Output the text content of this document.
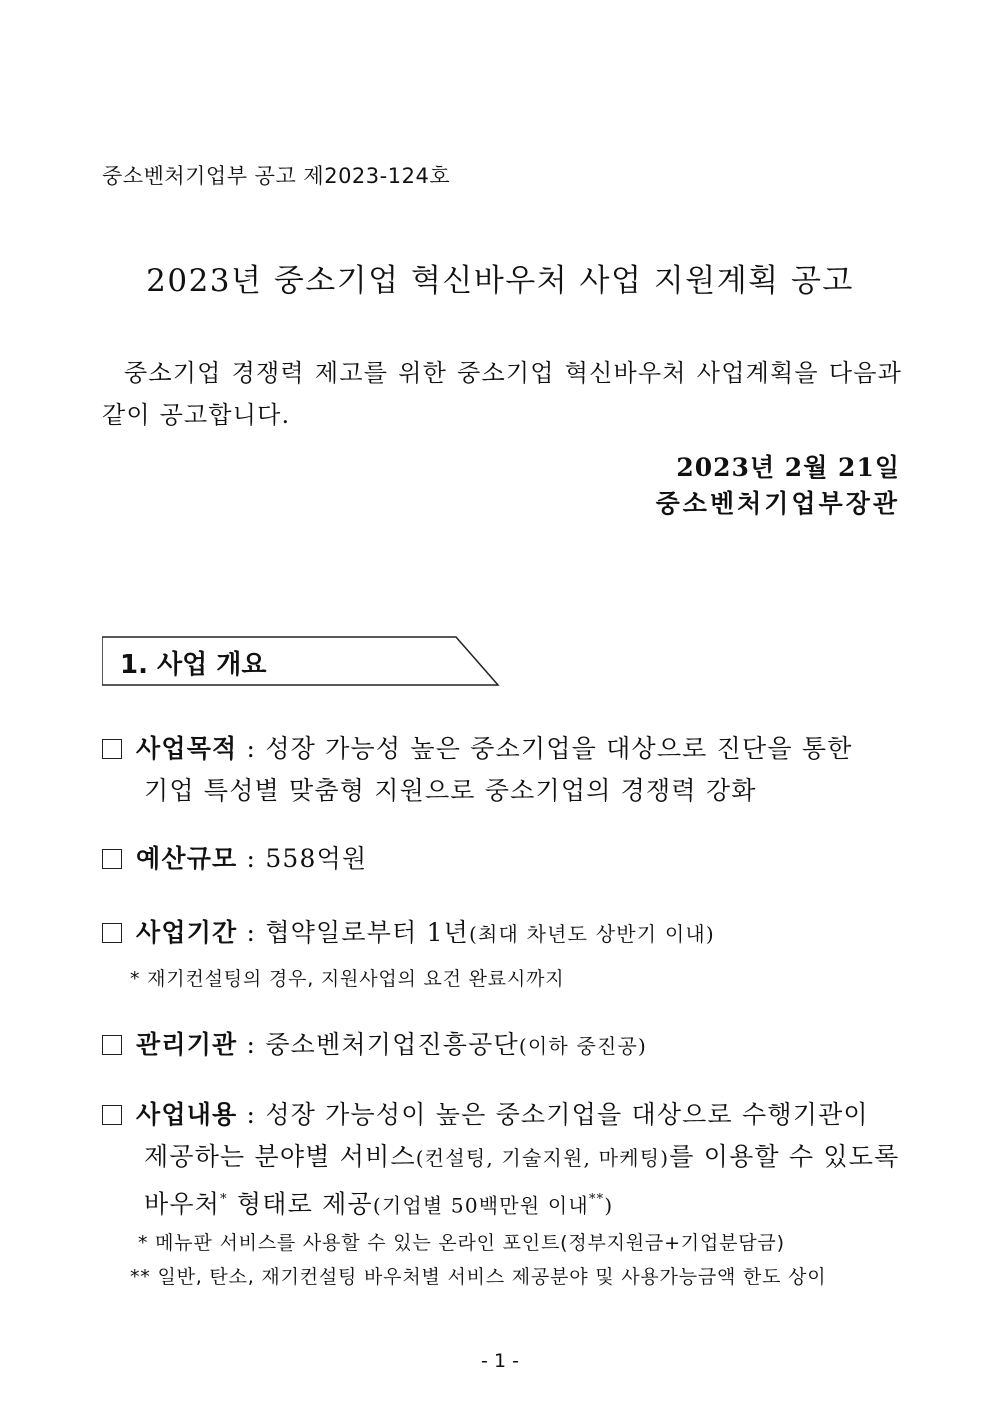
중소벤처기업부 공고 제2023-124호
2023년 중소기업 혁신바우처 사업 지원계획 공고
중소기업 경쟁력 제고를 위한 중소기업 혁신바우처 사업계획을 다음과 같이 공고합니다.
2023년 2월 21일
중소벤처기업부장관
1. 사업 개요
사업목적 : 성장 가능성 높은 중소기업을 대상으로 진단을 통한
기업 특성별 맞춤형 지원으로 중소기업의 경쟁력 강화
예산규모 : 558억원
사업기간 : 협약일로부터 1년(최대 차년도 상반기 이내)
* 재기컨설팅의 경우, 지원사업의 요건 완료시까지
관리기관 : 중소벤처기업진흥공단(이하 중진공)
사업내용 : 성장 가능성이 높은 중소기업을 대상으로 수행기관이
제공하는 분야별 서비스(컨설팅, 기술지원, 마케팅)를 이용할 수 있도록
바우처* 형태로 제공(기업별 50백만원 이내**)
* 메뉴판 서비스를 사용할 수 있는 온라인 포인트(정부지원금+기업분담금)
** 일반, 탄소, 재기컨설팅 바우처별 서비스 제공분야 및 사용가능금액 한도 상이
- 1 -
